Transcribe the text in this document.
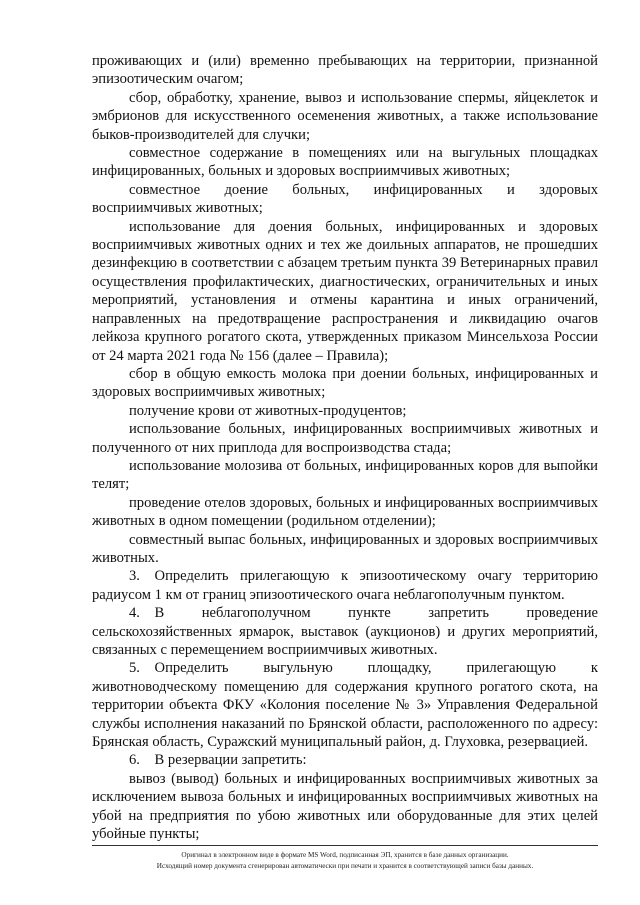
проживающих и (или) временно пребывающих на территории, признанной эпизоотическим очагом;

сбор, обработку, хранение, вывоз и использование спермы, яйцеклеток и эмбрионов для искусственного осеменения животных, а также использование быков-производителей для случки;

совместное содержание в помещениях или на выгульных площадках инфицированных, больных и здоровых восприимчивых животных;

совместное доение больных, инфицированных и здоровых восприимчивых животных;

использование для доения больных, инфицированных и здоровых восприимчивых животных одних и тех же доильных аппаратов, не прошедших дезинфекцию в соответствии с абзацем третьим пункта 39 Ветеринарных правил осуществления профилактических, диагностических, ограничительных и иных мероприятий, установления и отмены карантина и иных ограничений, направленных на предотвращение распространения и ликвидацию очагов лейкоза крупного рогатого скота, утвержденных приказом Минсельхоза России от 24 марта 2021 года № 156 (далее – Правила);

сбор в общую емкость молока при доении больных, инфицированных и здоровых восприимчивых животных;

получение крови от животных-продуцентов;

использование больных, инфицированных восприимчивых животных и полученного от них приплода для воспроизводства стада;

использование молозива от больных, инфицированных коров для выпойки телят;

проведение отелов здоровых, больных и инфицированных восприимчивых животных в одном помещении (родильном отделении);

совместный выпас больных, инфицированных и здоровых восприимчивых животных.

3. Определить прилегающую к эпизоотическому очагу территорию радиусом 1 км от границ эпизоотического очага неблагополучным пунктом.

4. В неблагополучном пункте запретить проведение сельскохозяйственных ярмарок, выставок (аукционов) и других мероприятий, связанных с перемещением восприимчивых животных.

5. Определить выгульную площадку, прилегающую к животноводческому помещению для содержания крупного рогатого скота, на территории объекта ФКУ «Колония поселение № 3» Управления Федеральной службы исполнения наказаний по Брянской области, расположенного по адресу: Брянская область, Суражский муниципальный район, д. Глуховка, резервацией.

6. В резервации запретить:

вывоз (вывод) больных и инфицированных восприимчивых животных за исключением вывоза больных и инфицированных восприимчивых животных на убой на предприятия по убою животных или оборудованные для этих целей убойные пункты;

Оригинал в электронном виде в формате MS Word, подписанная ЭП, хранится в базе данных организации.
Исходящий номер документа сгенерирован автоматически при печати и хранится в соответствующей записи базы данных.
